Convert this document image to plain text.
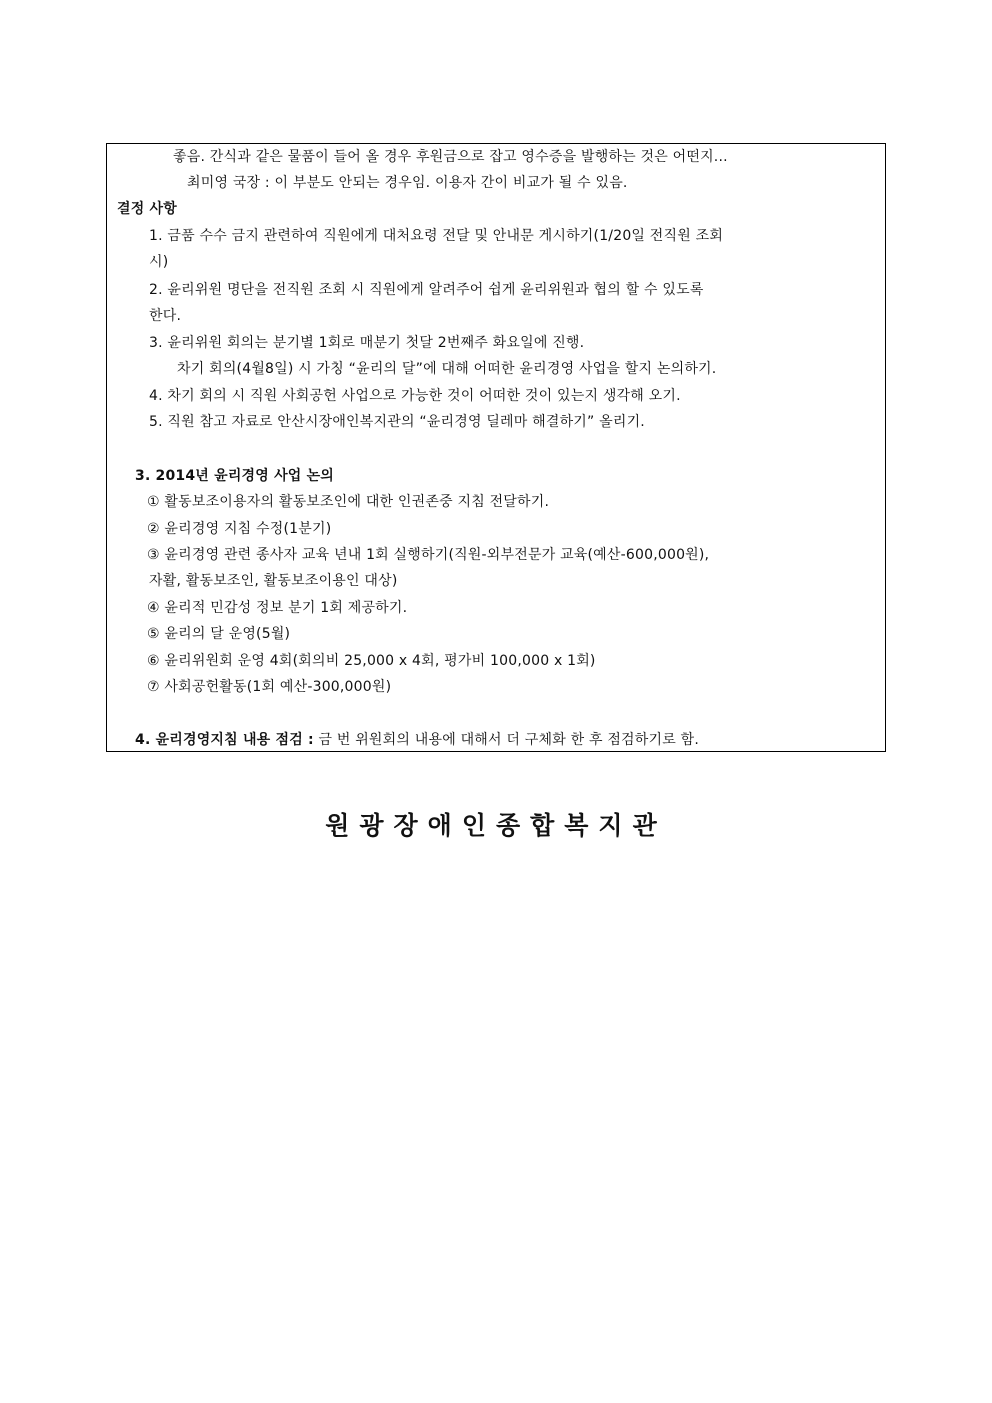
좋음. 간식과 같은 물품이 들어 올 경우 후원금으로 잡고 영수증을 발행하는 것은 어떤지...
최미영 국장 : 이 부분도 안되는 경우임. 이용자 간이 비교가 될 수 있음.
결정 사항
1. 금품 수수 금지 관련하여 직원에게 대처요령 전달 및 안내문 게시하기(1/20일 전직원 조회
시)
2. 윤리위원 명단을 전직원 조회 시 직원에게 알려주어 쉽게 윤리위원과 협의 할 수 있도록
한다.
3. 윤리위원 회의는 분기별 1회로 매분기 첫달 2번째주 화요일에 진행.
차기 회의(4월8일) 시 가칭 “윤리의 달”에 대해 어떠한 윤리경영 사업을 할지 논의하기.
4. 차기 회의 시 직원 사회공헌 사업으로 가능한 것이 어떠한 것이 있는지 생각해 오기.
5. 직원 참고 자료로 안산시장애인복지관의 “윤리경영 딜레마 해결하기” 올리기.
3. 2014년 윤리경영 사업 논의
① 활동보조이용자의 활동보조인에 대한 인권존중 지침 전달하기.
② 윤리경영 지침 수정(1분기)
③ 윤리경영 관련 종사자 교육 년내 1회 실행하기(직원-외부전문가 교육(예산-600,000원),
자활, 활동보조인, 활동보조이용인 대상)
④ 윤리적 민감성 정보 분기 1회 제공하기.
⑤ 윤리의 달 운영(5월)
⑥ 윤리위원회 운영 4회(회의비 25,000 x 4회, 평가비 100,000 x 1회)
⑦ 사회공헌활동(1회 예산-300,000원)
4. 윤리경영지침 내용 점검 : 금 번 위원회의 내용에 대해서 더 구체화 한 후 점검하기로 함.
원광장애인종합복지관
